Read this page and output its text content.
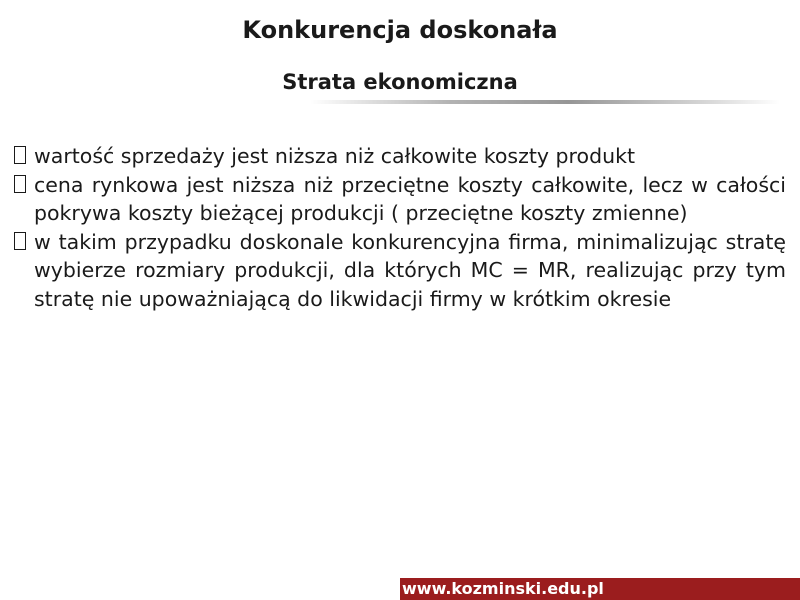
Konkurencja doskonała
Strata ekonomiczna
wartość sprzedaży jest niższa niż całkowite koszty produkt
cena rynkowa jest niższa niż przeciętne koszty całkowite, lecz w całości pokrywa koszty bieżącej produkcji ( przeciętne koszty zmienne)
w takim przypadku doskonale konkurencyjna firma, minimalizując stratę wybierze rozmiary produkcji, dla których MC = MR, realizując przy tym stratę nie upoważniającą do likwidacji firmy w krótkim okresie
www.kozminski.edu.pl
